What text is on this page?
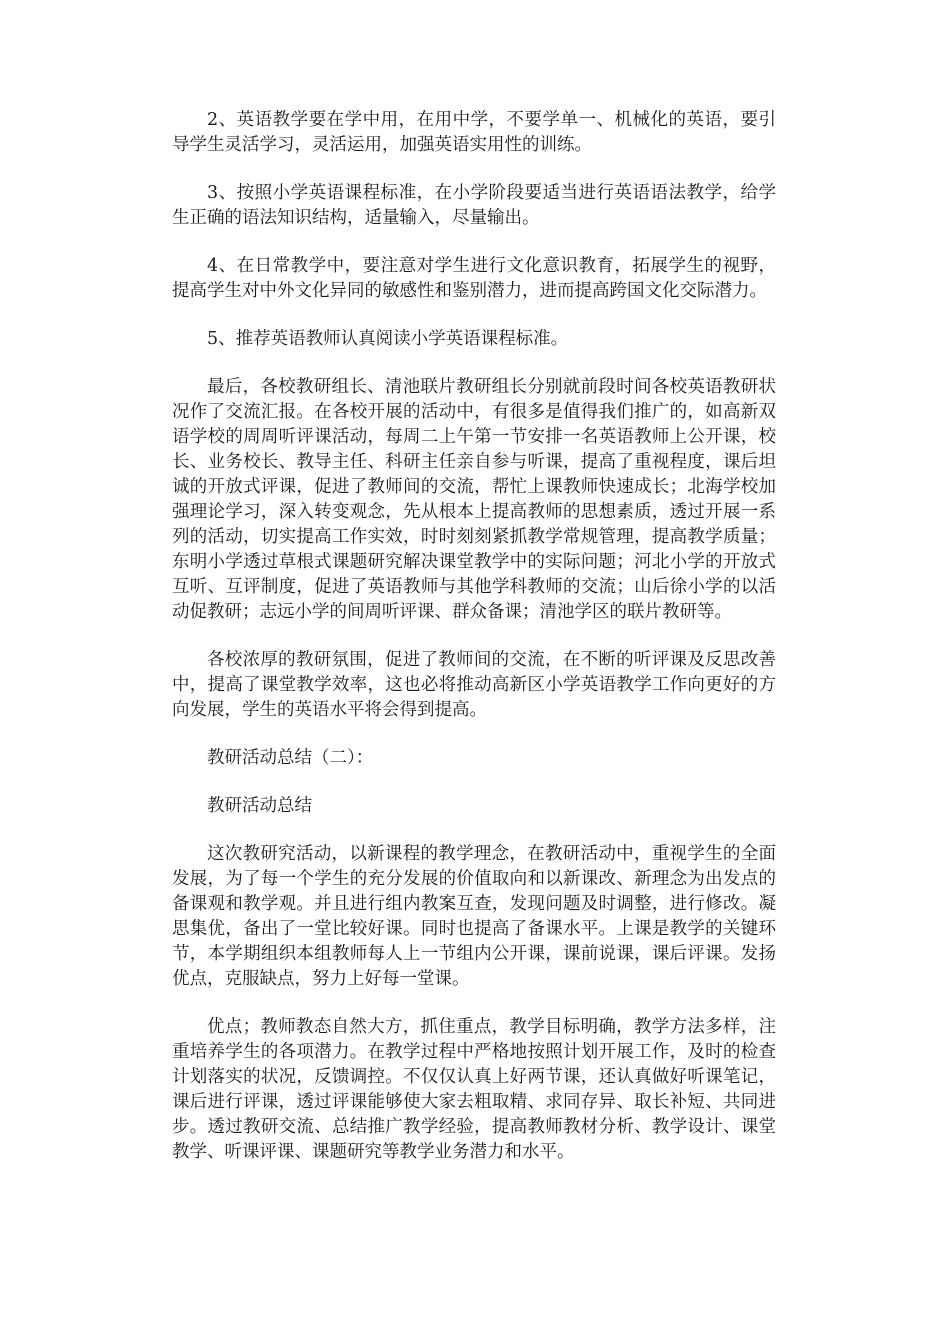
2、英语教学要在学中用，在用中学，不要学单一、机械化的英语，要引导学生灵活学习，灵活运用，加强英语实用性的训练。

3、按照小学英语课程标准，在小学阶段要适当进行英语语法教学，给学生正确的语法知识结构，适量输入，尽量输出。

4、在日常教学中，要注意对学生进行文化意识教育，拓展学生的视野，提高学生对中外文化异同的敏感性和鉴别潜力，进而提高跨国文化交际潜力。

5、推荐英语教师认真阅读小学英语课程标准。

最后，各校教研组长、清池联片教研组长分别就前段时间各校英语教研状况作了交流汇报。在各校开展的活动中，有很多是值得我们推广的，如高新双语学校的周周听评课活动，每周二上午第一节安排一名英语教师上公开课，校长、业务校长、教导主任、科研主任亲自参与听课，提高了重视程度，课后坦诚的开放式评课，促进了教师间的交流，帮忙上课教师快速成长；北海学校加强理论学习，深入转变观念，先从根本上提高教师的思想素质，透过开展一系列的活动，切实提高工作实效，时时刻刻紧抓教学常规管理，提高教学质量；东明小学透过草根式课题研究解决课堂教学中的实际问题；河北小学的开放式互听、互评制度，促进了英语教师与其他学科教师的交流；山后徐小学的以活动促教研；志远小学的间周听评课、群众备课；清池学区的联片教研等。

各校浓厚的教研氛围，促进了教师间的交流，在不断的听评课及反思改善中，提高了课堂教学效率，这也必将推动高新区小学英语教学工作向更好的方向发展，学生的英语水平将会得到提高。

教研活动总结（二）：

教研活动总结

这次教研究活动，以新课程的教学理念，在教研活动中，重视学生的全面发展，为了每一个学生的充分发展的价值取向和以新课改、新理念为出发点的备课观和教学观。并且进行组内教案互查，发现问题及时调整，进行修改。凝思集优，备出了一堂比较好课。同时也提高了备课水平。上课是教学的关键环节，本学期组织本组教师每人上一节组内公开课，课前说课，课后评课。发扬优点，克服缺点，努力上好每一堂课。

优点；教师教态自然大方，抓住重点，教学目标明确，教学方法多样，注重培养学生的各项潜力。在教学过程中严格地按照计划开展工作，及时的检查计划落实的状况，反馈调控。不仅仅认真上好两节课，还认真做好听课笔记，课后进行评课，透过评课能够使大家去粗取精、求同存异、取长补短、共同进步。透过教研交流、总结推广教学经验，提高教师教材分析、教学设计、课堂教学、听课评课、课题研究等教学业务潜力和水平。
